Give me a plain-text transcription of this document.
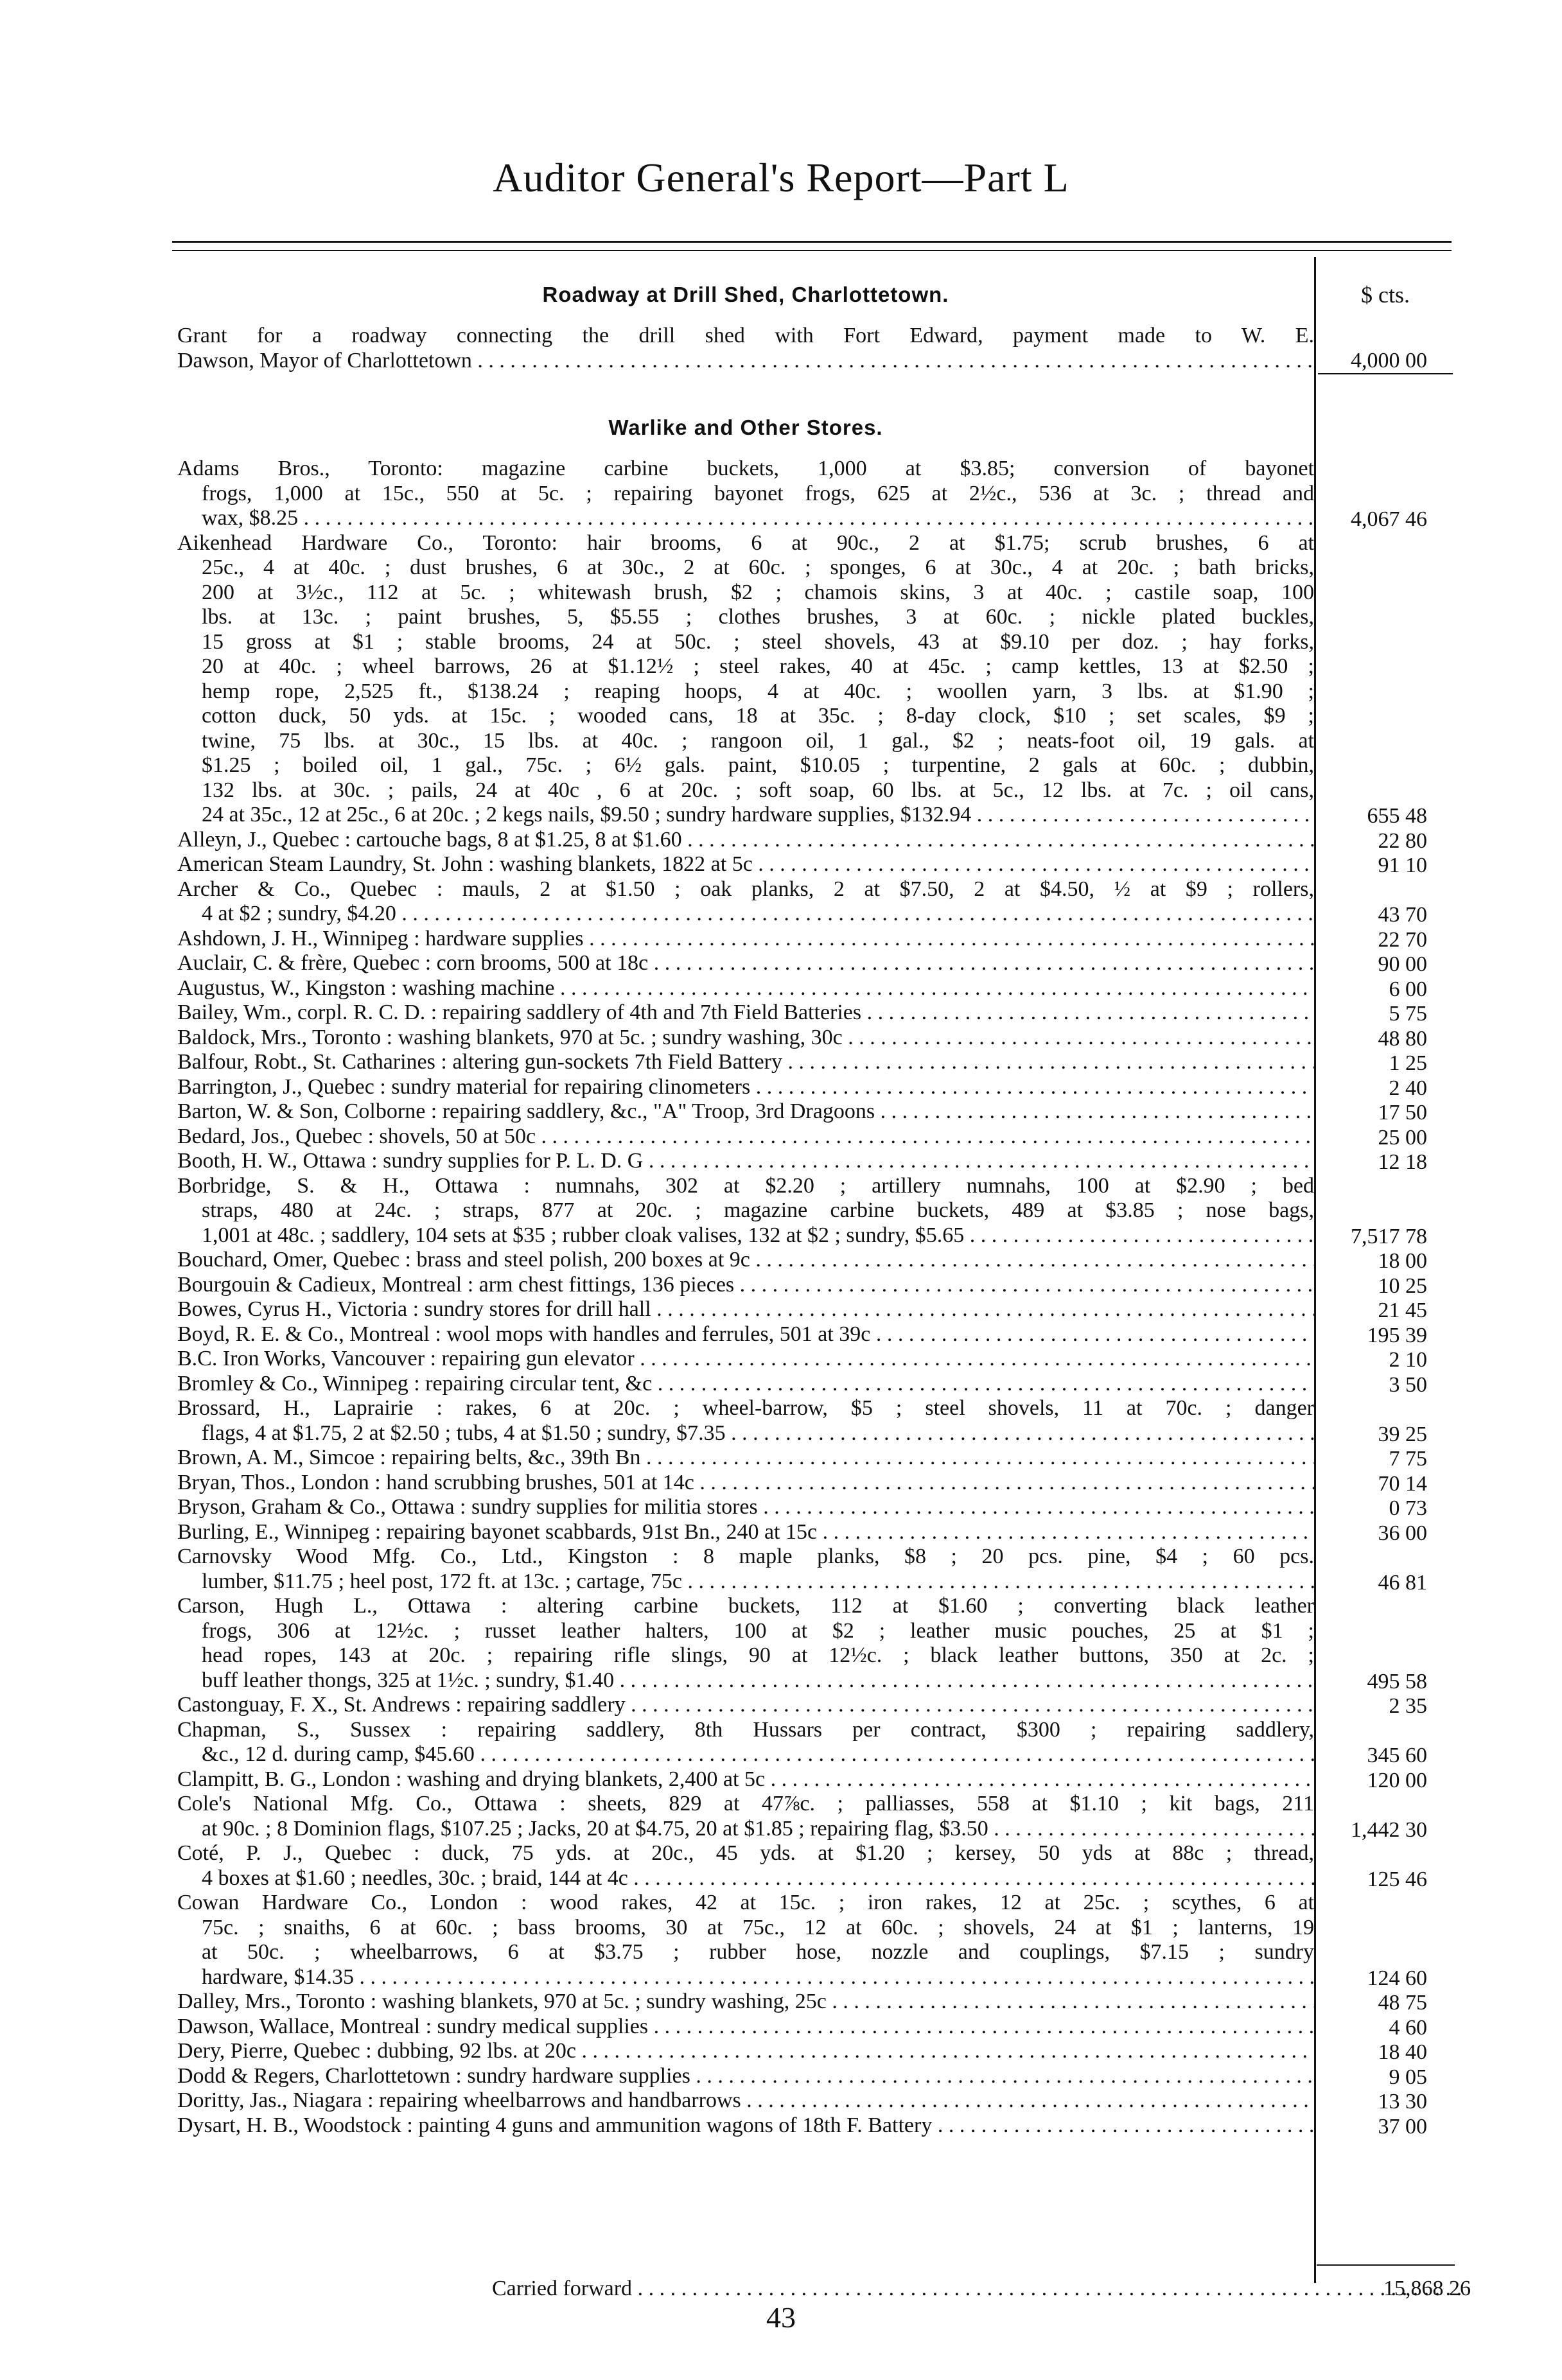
Auditor General's Report—Part L
Roadway at Drill Shed, Charlottetown.
Grant for a roadway connecting the drill shed with Fort Edward, payment made to W. E.
Dawson, Mayor of Charlottetown . . .
Warlike and Other Stores.
Adams Bros., Toronto: magazine carbine buckets, 1,000 at $3.85; conversion of bayonet
frogs, 1,000 at 15c., 550 at 5c. ; repairing bayonet frogs, 625 at 2½c., 536 at 3c. ; thread and
wax, $8.25 . . .
Aikenhead Hardware Co., Toronto: hair brooms, 6 at 90c., 2 at $1.75; scrub brushes, 6 at
25c., 4 at 40c. ; dust brushes, 6 at 30c., 2 at 60c. ; sponges, 6 at 30c., 4 at 20c. ; bath bricks,
200 at 3½c., 112 at 5c. ; whitewash brush, $2 ; chamois skins, 3 at 40c. ; castile soap, 100
lbs. at 13c. ; paint brushes, 5, $5.55 ; clothes brushes, 3 at 60c. ; nickle plated buckles,
15 gross at $1 ; stable brooms, 24 at 50c. ; steel shovels, 43 at $9.10 per doz. ; hay forks,
20 at 40c. ; wheel barrows, 26 at $1.12½ ; steel rakes, 40 at 45c. ; camp kettles, 13 at $2.50 ;
hemp rope, 2,525 ft., $138.24 ; reaping hoops, 4 at 40c. ; woollen yarn, 3 lbs. at $1.90 ;
cotton duck, 50 yds. at 15c. ; wooded cans, 18 at 35c. ; 8-day clock, $10 ; set scales, $9 ;
twine, 75 lbs. at 30c., 15 lbs. at 40c. ; rangoon oil, 1 gal., $2 ; neats-foot oil, 19 gals. at
$1.25 ; boiled oil, 1 gal., 75c. ; 6½ gals. paint, $10.05 ; turpentine, 2 gals at 60c. ; dubbin,
132 lbs. at 30c. ; pails, 24 at 40c , 6 at 20c. ; soft soap, 60 lbs. at 5c., 12 lbs. at 7c. ; oil cans,
24 at 35c., 12 at 25c., 6 at 20c. ; 2 kegs nails, $9.50 ; sundry hardware supplies, $132.94 . . .
Alleyn, J., Quebec : cartouche bags, 8 at $1.25, 8 at $1.60 . . .
American Steam Laundry, St. John : washing blankets, 1822 at 5c . . .
Archer & Co., Quebec : mauls, 2 at $1.50 ; oak planks, 2 at $7.50, 2 at $4.50, ½ at $9 ; rollers,
4 at $2 ; sundry, $4.20 . . .
Ashdown, J. H., Winnipeg : hardware supplies . . .
Auclair, C. & frère, Quebec : corn brooms, 500 at 18c . . .
Augustus, W., Kingston : washing machine . . .
Bailey, Wm., corpl. R. C. D. : repairing saddlery of 4th and 7th Field Batteries . . .
Baldock, Mrs., Toronto : washing blankets, 970 at 5c. ; sundry washing, 30c . . .
Balfour, Robt., St. Catharines : altering gun-sockets 7th Field Battery . . .
Barrington, J., Quebec : sundry material for repairing clinometers . . .
Barton, W. & Son, Colborne : repairing saddlery, &c., "A" Troop, 3rd Dragoons . . .
Bedard, Jos., Quebec : shovels, 50 at 50c . . .
Booth, H. W., Ottawa : sundry supplies for P. L. D. G . . .
Borbridge, S. & H., Ottawa : numnahs, 302 at $2.20 ; artillery numnahs, 100 at $2.90 ; bed
straps, 480 at 24c. ; straps, 877 at 20c. ; magazine carbine buckets, 489 at $3.85 ; nose bags,
1,001 at 48c. ; saddlery, 104 sets at $35 ; rubber cloak valises, 132 at $2 ; sundry, $5.65 . . .
Bouchard, Omer, Quebec : brass and steel polish, 200 boxes at 9c . . .
Bourgouin & Cadieux, Montreal : arm chest fittings, 136 pieces . . .
Bowes, Cyrus H., Victoria : sundry stores for drill hall . . .
Boyd, R. E. & Co., Montreal : wool mops with handles and ferrules, 501 at 39c . . .
B.C. Iron Works, Vancouver : repairing gun elevator . . .
Bromley & Co., Winnipeg : repairing circular tent, &c . . .
Brossard, H., Laprairie : rakes, 6 at 20c. ; wheel-barrow, $5 ; steel shovels, 11 at 70c. ; danger
flags, 4 at $1.75, 2 at $2.50 ; tubs, 4 at $1.50 ; sundry, $7.35 . . .
Brown, A. M., Simcoe : repairing belts, &c., 39th Bn . . .
Bryan, Thos., London : hand scrubbing brushes, 501 at 14c . . .
Bryson, Graham & Co., Ottawa : sundry supplies for militia stores . . .
Burling, E., Winnipeg : repairing bayonet scabbards, 91st Bn., 240 at 15c . . .
Carnovsky Wood Mfg. Co., Ltd., Kingston : 8 maple planks, $8 ; 20 pcs. pine, $4 ; 60 pcs.
lumber, $11.75 ; heel post, 172 ft. at 13c. ; cartage, 75c . . .
Carson, Hugh L., Ottawa : altering carbine buckets, 112 at $1.60 ; converting black leather
frogs, 306 at 12½c. ; russet leather halters, 100 at $2 ; leather music pouches, 25 at $1 ;
head ropes, 143 at 20c. ; repairing rifle slings, 90 at 12½c. ; black leather buttons, 350 at 2c. ;
buff leather thongs, 325 at 1½c. ; sundry, $1.40 . . .
Castonguay, F. X., St. Andrews : repairing saddlery . . .
Chapman, S., Sussex : repairing saddlery, 8th Hussars per contract, $300 ; repairing saddlery,
&c., 12 d. during camp, $45.60 . . .
Clampitt, B. G., London : washing and drying blankets, 2,400 at 5c . . .
Cole's National Mfg. Co., Ottawa : sheets, 829 at 47⅞c. ; palliasses, 558 at $1.10 ; kit bags, 211
at 90c. ; 8 Dominion flags, $107.25 ; Jacks, 20 at $4.75, 20 at $1.85 ; repairing flag, $3.50 . . .
Coté, P. J., Quebec : duck, 75 yds. at 20c., 45 yds. at $1.20 ; kersey, 50 yds at 88c ; thread,
4 boxes at $1.60 ; needles, 30c. ; braid, 144 at 4c . . .
Cowan Hardware Co., London : wood rakes, 42 at 15c. ; iron rakes, 12 at 25c. ; scythes, 6 at
75c. ; snaiths, 6 at 60c. ; bass brooms, 30 at 75c., 12 at 60c. ; shovels, 24 at $1 ; lanterns, 19
at 50c. ; wheelbarrows, 6 at $3.75 ; rubber hose, nozzle and couplings, $7.15 ; sundry
hardware, $14.35 . . .
Dalley, Mrs., Toronto : washing blankets, 970 at 5c. ; sundry washing, 25c . . .
Dawson, Wallace, Montreal : sundry medical supplies . . .
Dery, Pierre, Quebec : dubbing, 92 lbs. at 20c . . .
Dodd & Regers, Charlottetown : sundry hardware supplies . . .
Doritty, Jas., Niagara : repairing wheelbarrows and handbarrows . . .
Dysart, H. B., Woodstock : painting 4 guns and ammunition wagons of 18th F. Battery . . .
$ cts.
4,000 00
4,067 46
655 48
22 80
91 10
43 70
22 70
90 00
6 00
5 75
48 80
1 25
2 40
17 50
25 00
12 18
7,517 78
18 00
10 25
21 45
195 39
2 10
3 50
39 25
7 75
70 14
0 73
36 00
46 81
495 58
2 35
345 60
120 00
1,442 30
125 46
124 60
48 75
4 60
18 40
9 05
13 30
37 00
Carried forward . . .	15,868 26
43
